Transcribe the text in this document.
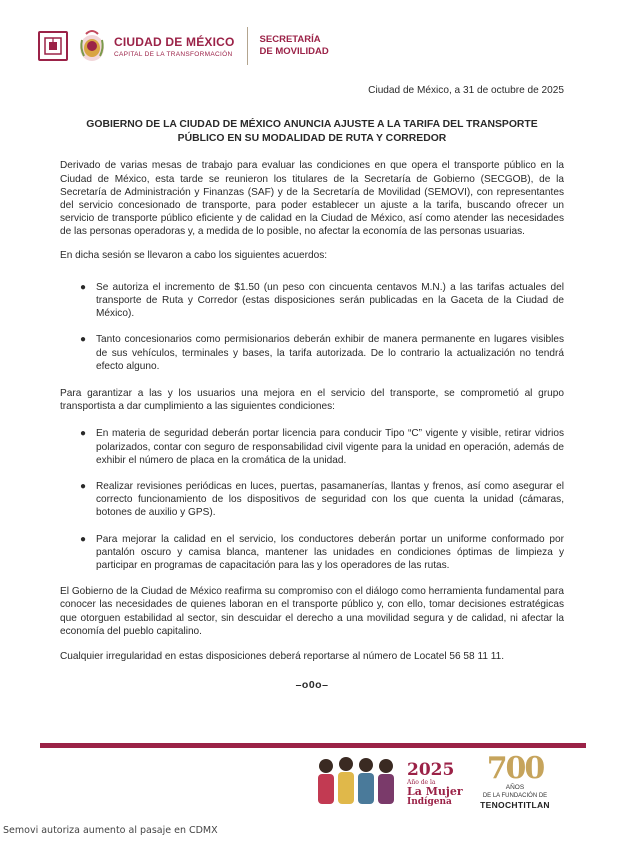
CIUDAD DE MÉXICO
CAPITAL DE LA TRANSFORMACIÓN
SECRETARÍA
DE MOVILIDAD
Ciudad de México, a 31 de octubre de 2025
GOBIERNO DE LA CIUDAD DE MÉXICO ANUNCIA AJUSTE A LA TARIFA DEL TRANSPORTE PÚBLICO EN SU MODALIDAD DE RUTA Y CORREDOR

Derivado de varias mesas de trabajo para evaluar las condiciones en que opera el transporte público en la Ciudad de México, esta tarde se reunieron los titulares de la Secretaría de Gobierno (SECGOB), de la Secretaría de Administración y Finanzas (SAF) y de la Secretaría de Movilidad (SEMOVI), con representantes del servicio concesionado de transporte, para poder establecer un ajuste a la tarifa, buscando ofrecer un servicio de transporte público eficiente y de calidad en la Ciudad de México, así como atender las necesidades de las personas operadoras y, a medida de lo posible, no afectar la economía de las personas usuarias.

En dicha sesión se llevaron a cabo los siguientes acuerdos:

● Se autoriza el incremento de $1.50 (un peso con cincuenta centavos M.N.) a las tarifas actuales del transporte de Ruta y Corredor (estas disposiciones serán publicadas en la Gaceta de la Ciudad de México).
● Tanto concesionarios como permisionarios deberán exhibir de manera permanente en lugares visibles de sus vehículos, terminales y bases, la tarifa autorizada. De lo contrario la actualización no tendrá efecto alguno.

Para garantizar a las y los usuarios una mejora en el servicio del transporte, se comprometió al grupo transportista a dar cumplimiento a las siguientes condiciones:

● En materia de seguridad deberán portar licencia para conducir Tipo “C” vigente y visible, retirar vidrios polarizados, contar con seguro de responsabilidad civil vigente para la unidad en operación, además de exhibir el número de placa en la cromática de la unidad.
● Realizar revisiones periódicas en luces, puertas, pasamanerías, llantas y frenos, así como asegurar el correcto funcionamiento de los dispositivos de seguridad con los que cuenta la unidad (cámaras, botones de auxilio y GPS).
● Para mejorar la calidad en el servicio, los conductores deberán portar un uniforme conformado por pantalón oscuro y camisa blanca, mantener las unidades en condiciones óptimas de limpieza y participar en programas de capacitación para las y los operadores de las rutas.

El Gobierno de la Ciudad de México reafirma su compromiso con el diálogo como herramienta fundamental para conocer las necesidades de quienes laboran en el transporte público y, con ello, tomar decisiones estratégicas que otorguen estabilidad al sector, sin descuidar el derecho a una movilidad segura y de calidad, ni afectar la economía del pueblo capitalino.

Cualquier irregularidad en estas disposiciones deberá reportarse al número de Locatel 56 58 11 11.

–o0o–
2025
Año de la
La Mujer
Indígena
700
AÑOS
DE LA FUNDACIÓN DE
TENOCHTITLAN
Semovi autoriza aumento al pasaje en CDMX
